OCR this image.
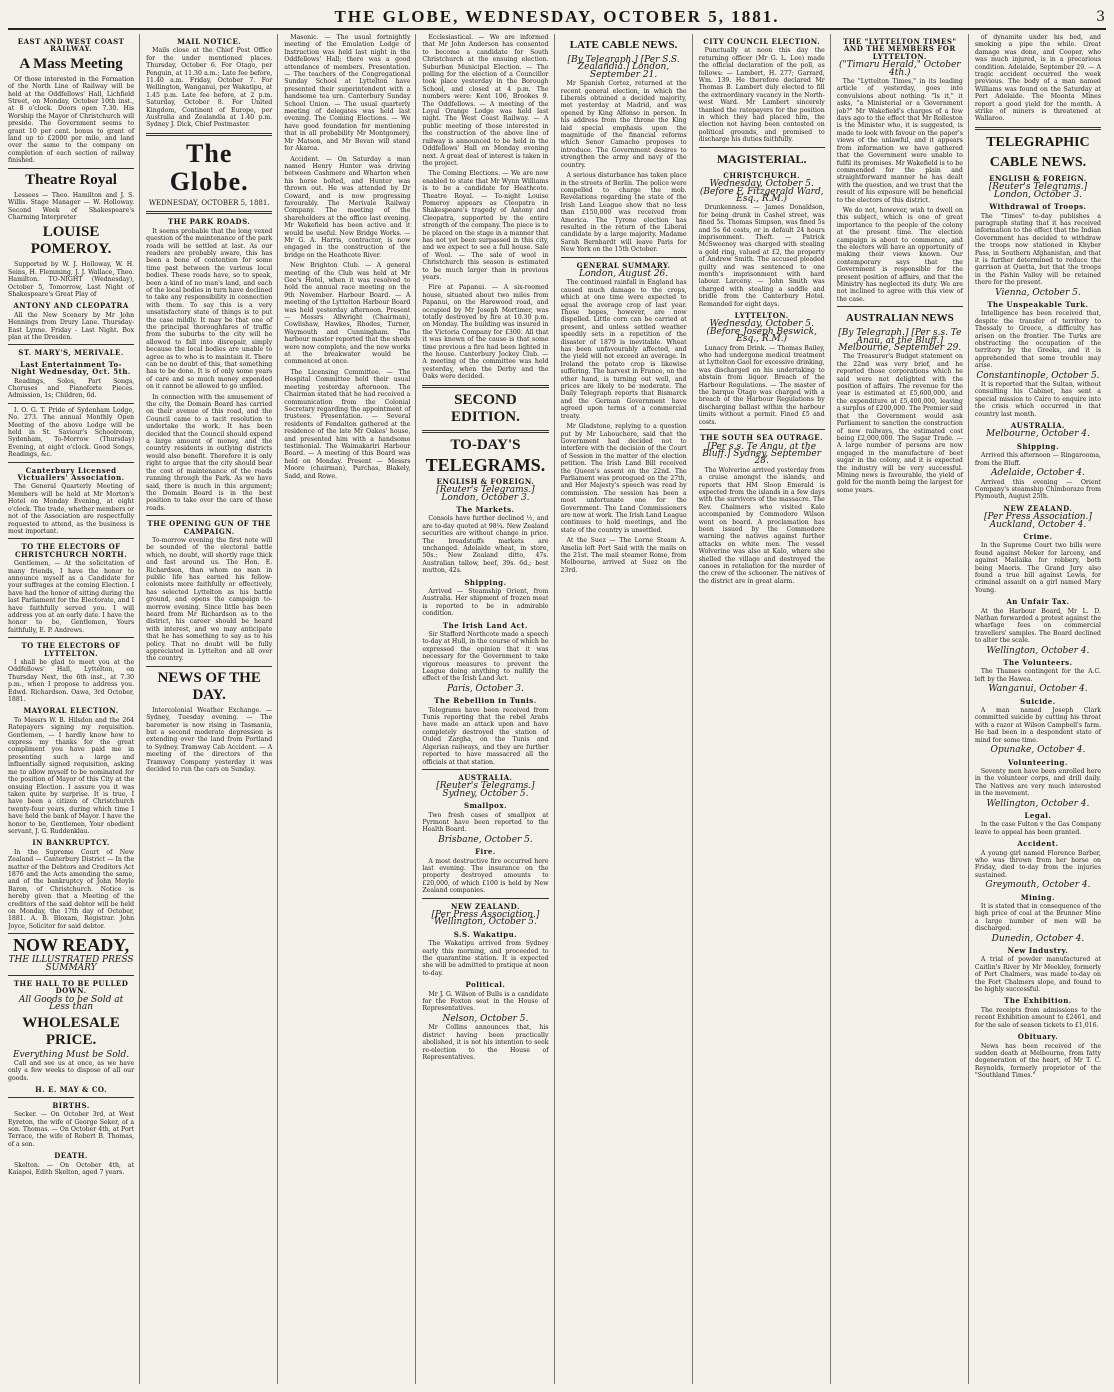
THE GLOBE, WEDNESDAY, OCTOBER 5, 1881.	3
EAST AND WEST COAST RAILWAY.
A Mass Meeting

Of those interested in the Formation of the North Line of Railway will be held at the Oddfellows' Hall, Lichfield Street, on Monday, October 10th inst., at 8 o'clock. Doors open 7.30. His Worship the Mayor of Christchurch will preside. The Government seems to grant 10 per cent. bonus to grant of land up to £2000 per mile, and land over the same to the company on completion of each section of railway finished.

Theatre Royal

Lessees — Theo. Hamilton and J. S. Willis. Stage Manager — W. Holloway. Second Week of Shakespeare's Charming Interpreter

LOUISE POMEROY.

Supported by W. J. Holloway, W. H. Seins, H. Flemming, J. J. Wallace, Theo. Hamilton. TO-NIGHT (Wednesday), October 5, Tomorrow, Last Night of Shakespeare's Great Play of

ANTONY AND CLEOPATRA

All the New Scenery by Mr John Hennings from Drury Lane. Thursday-East Lynne. Friday - Last Night. Box plan at the Dresden.

ST. MARY'S, MERIVALE.
Last Entertainment To-Night Wednesday, Oct. 5th.

Readings, Solos, Part Songs, Choruses and Pianoforte Pieces. Admission, 1s; Children, 6d.

I. O. G. T. Pride of Sydenham Lodge, No. 273. The annual Monthly Open Meeting of the above Lodge will be held in St. Saviour's Schoolroom, Sydenham, To-Morrow (Thursday) Evening, at eight o'clock. Good Songs, Readings, &c.

Canterbury Licensed Victuallers' Association.

The General Quarterly Meeting of Members will be held at Mr Morton's Hotel on Monday Evening, at eight o'clock. The trade, whether members or not of the Association are respectfully requested to attend, as the business is most important.

TO THE ELECTORS OF CHRISTCHURCH NORTH.

Gentlemen, — At the solicitation of many friends, I have the honor to announce myself as a Candidate for your suffrages at the coming Election. I have had the honor of sitting during the last Parliament for the Electorate, and I have faithfully served you. I will address you at an early date. I have the honor to be, Gentlemen, Yours faithfully, E. P. Andrews.

TO THE ELECTORS OF LYTTELTON.

I shall be glad to meet you at the Oddfellows' Hall, Lyttelton, on Thursday Next, the 6th inst., at 7.30 p.m., when I propose to address you. Edwd. Richardson. Oawa, 3rd October, 1881.

MAYORAL ELECTION.

To Messrs W. B. Hilsdon and the 264 Ratepayers signing my requisition. Gentlemen, — I hardly know how to express my thanks for the great compliment you have paid me in presenting such a large and influentially signed requisition, asking me to allow myself to be nominated for the position of Mayor of this City at the ensuing Election. I assure you it was taken quite by surprise. It is true, I have been a citizen of Christchurch twenty-four years, during which time I have held the bank of Mayor. I have the honor to be, Gentlemen, Your obedient servant, J. G. Ruddenklau.

IN BANKRUPTCY.

In the Supreme Court of New Zealand — Canterbury District — In the matter of the Debtors and Creditors Act 1876 and the Acts amending the same, and of the bankruptcy of John Moyle Baron, of Christchurch. Notice is hereby given that a Meeting of the creditors of the said debtor will be held on Monday, the 17th day of October, 1881. A. B. Bloxam, Registrar. John Joyce, Solicitor for said debtor.

NOW READY,
THE ILLUSTRATED PRESS SUMMARY
THE HALL TO BE PULLED DOWN.
All Goods to be Sold at Less than
WHOLESALE PRICE.
Everything Must be Sold.

Call and see us at once, as we have only a few weeks to dispose of all our goods.

H. E. MAY & CO.
BIRTHS.

Secker. — On October 3rd, at West Eyreton, the wife of George Seker, of a son. Thomas. — On October 4th, at Port Terrace, the wife of Robert B. Thomas, of a son.

DEATH.

Skelton. — On October 4th, at Kaiapoi, Edith Skelton, aged 7 years.

MAIL NOTICE.

Mails close at the Chief Post Office for the under mentioned places. Thursday, October 6. For Otago, per Penguin, at 11.30 a.m.; Late fee before, 11.40 a.m. Friday, October 7. For Wellington, Wanganui, per Wakatipu, at 1.45 p.m. Late fee before, at 2 p.m. Saturday, October 8. For United Kingdom, Continent of Europe, per Australia and Zealandia at 1.40 p.m. Sydney J. Dick, Chief Postmaster.

The Globe.
WEDNESDAY, OCTOBER 5, 1881.
THE PARK ROADS.

It seems probable that the long vexed question of the maintenance of the park roads will be settled at last. As our readers are probably aware, this has been a bone of contention for some time past between the various local bodies. These roads have, so to speak, been a kind of no man's land, and each of the local bodies in turn have declined to take any responsibility in connection with them. To say this is a very unsatisfactory state of things is to put the case mildly. It may be that one of the principal thoroughfares of traffic from the suburbs to the city will be allowed to fall into disrepair, simply because the local bodies are unable to agree as to who is to maintain it. There can be no doubt of this, that something has to be done. It is of only some years of care and so much money expended on it cannot be allowed to go unfiled.

In connection with the amusement of the city, the Domain Board has carried on their avenue of this road, and the Council came to a tacit resolution to undertake the work. It has been decided that the Council should expend a large amount of money, and the country residents in outlying districts would also benefit. Therefore it is only right to argue that the city should bear the cost of maintenance of the roads running through the Park. As we have said, there is much in this argument; the Domain Board is in the best position to take over the care of those roads.

THE OPENING GUN OF THE CAMPAIGN.

To-morrow evening the first note will be sounded of the electoral battle which, no doubt, will shortly rage thick and fast around us. The Hon. E. Richardson, than whom no man in public life has earned his fellow-colonists more faithfully or effectively, has selected Lyttelton as his battle ground, and opens the campaign to-morrow evening. Since little has been heard from Mr Richardson as to the district, his career should be heard with interest, and we may anticipate that he has something to say as to his policy. That no doubt will be fully appreciated in Lyttelton and all over the country.

NEWS OF THE DAY.

Intercolonial Weather Exchange. — Sydney, Tuesday evening. — The barometer is now rising in Tasmania, but a second moderate depression is extending over the land from Portland to Sydney. Tramway Cab Accident. — A meeting of the directors of the Tramway Company yesterday it was decided to run the cars on Sunday.

Masonic. — The usual fortnightly meeting of the Emulation Lodge of Instruction was held last night in the Oddfellows' Hall; there was a good attendance of members. Presentation. — The teachers of the Congregational Sunday School at Lyttelton have presented their superintendent with a handsome tea urn. Canterbury Sunday School Union. — The usual quarterly meeting of delegates was held last evening. The Coming Elections. — We have good foundation for mentioning that in all probability Mr Montgomery, Mr Matson, and Mr Bevan will stand for Akaroa.

Accident. — On Saturday a man named Henry Hunter was driving between Cashmere and Wharton when his horse bolted, and Hunter was thrown out. He was attended by Dr Coward, and is now progressing favourably. The Merivale Railway Company. The meeting of the shareholders at the office last evening. Mr Wakefield has been active and it would be useful. New Bridge Works. — Mr G. A. Harris, contractor, is now engaged in the construction of the bridge on the Heathcote River.

New Brighton Club. — A general meeting of the Club was held at Mr Gee's Hotel, when it was resolved to hold the annual race meeting on the 9th November. Harbour Board. — A meeting of the Lyttelton Harbour Board was held yesterday afternoon. Present — Messrs Allwright (Chairman), Cowlishaw, Hawkes, Rhodes, Turner, Waymouth and Cunningham. The harbour master reported that the sheds were now complete, and the new works at the breakwater would be commenced at once.

The Licensing Committee. — The Hospital Committee held their usual meeting yesterday afternoon. The Chairman stated that he had received a communication from the Colonial Secretary regarding the appointment of trustees. Presentation. — Several residents of Fendalton gathered at the residence of the late Mr Oakes' house, and presented him with a handsome testimonial. The Waimakariri Harbour Board. — A meeting of this Board was held on Monday. Present — Messrs Moore (chairman), Purchas, Blakely, Sadd, and Rowe.

Ecclesiastical. — We are informed that Mr John Anderson has consented to become a candidate for South Christchurch at the ensuing election. Suburban Municipal Election. — The polling for the election of a Councillor took place yesterday in the Borough School, and closed at 4 p.m. The numbers were: Kent 106, Brookes 9. The Oddfellows. — A meeting of the Loyal Orange Lodge was held last night. The West Coast Railway. — A public meeting of those interested in the construction of the above line of railway is announced to be held in the Oddfellows' Hall on Monday evening next. A great deal of interest is taken in the project.

The Coming Elections. — We are now enabled to state that Mr Wynn Williams is to be a candidate for Heathcote. Theatre Royal. — To-night Louise Pomeroy appears as Cleopatra in Shakespeare's tragedy of Antony and Cleopatra, supported by the entire strength of the company. The piece is to be placed on the stage in a manner that has not yet been surpassed in this city, and we expect to see a full house. Sale of Wool. — The sale of wool in Christchurch this season is estimated to be much larger than in previous years.

Fire at Papanui. — A six-roomed house, situated about two miles from Papanui, on the Harewood road, and occupied by Mr Joseph Mortimer, was totally destroyed by fire at 10.30 p.m. on Monday. The building was insured in the Victoria Company for £300. All that it was known of the cause is that some time previous a fire had been lighted in the house. Canterbury Jockey Club. — A meeting of the committee was held yesterday, when the Derby and the Oaks were decided.

SECOND EDITION.
TO-DAY'S
TELEGRAMS.
ENGLISH & FOREIGN.
[Reuter's Telegrams.] London, October 3.
The Markets.

Consols have further declined ½, and are to-day quoted at 98¼. New Zealand securities are without change in price. The breadstuffs markets are unchanged. Adelaide wheat, in store, 50s.; New Zealand ditto, 47s. Australian tallow, beef, 39s. 6d.; best mutton, 42s.

Shipping.

Arrived — Steamship Orient, from Australia. Her shipment of frozen meat is reported to be in admirable condition.

The Irish Land Act.

Sir Stafford Northcote made a speech to-day at Hull, in the course of which he expressed the opinion that it was necessary for the Government to take vigorous measures to prevent the League doing anything to nullify the effect of the Irish Land Act.

Paris, October 3.
The Rebellion in Tunis.

Telegrams have been received from Tunis reporting that the rebel Arabs have made an attack upon and have completely destroyed the station of Ouled Zargha, on the Tunis and Algerian railways, and they are further reported to have massacred all the officials at that station.

AUSTRALIA.
[Reuter's Telegrams.] Sydney, October 5.
Smallpox.

Two fresh cases of smallpox at Pyrmont have been reported to the Health Board.

Brisbane, October 5.
Fire.

A most destructive fire occurred here last evening. The insurance on the property destroyed amounts to £20,000, of which £100 is held by New Zealand companies.

NEW ZEALAND.
[Per Press Association.] Wellington, October 5.
S.S. Wakatipu.

The Wakatipu arrived from Sydney early this morning, and proceeded to the quarantine station. It is expected she will be admitted to pratique at noon to-day.

Political.

Mr J. G. Wilson of Bulls is a candidate for the Foxton seat in the House of Representatives.

Nelson, October 5.

Mr Collins announces that, his district having been practically abolished, it is not his intention to seek re-election to the House of Representatives.

LATE CABLE NEWS.
[By Telegraph.] [Per S.S. Zealandia.] London, September 21.

Mr Spanish Cortez, returned at the recent general election, in which the Liberals obtained a decided majority, met yesterday at Madrid, and was opened by King Alfonso in person. In his address from the throne the King laid special emphasis upon the magnitude of the financial reforms which Senor Camacho proposes to introduce. The Government desires to strengthen the army and navy of the country.

A serious disturbance has taken place in the streets of Berlin. The police were compelled to charge the mob. Revelations regarding the state of the Irish Land League show that no less than £150,000 was received from America. The Tyrone election has resulted in the return of the Liberal candidate by a large majority. Madame Sarah Bernhardt will leave Paris for New York on the 15th October.

GENERAL SUMMARY.
London, August 26.

The continued rainfall in England has caused much damage to the crops, which at one time were expected to equal the average crop of last year. Those hopes, however, are now dispelled. Little corn can be carried at present, and unless settled weather speedily sets in a repetition of the disaster of 1879 is inevitable. Wheat has been unfavourably affected, and the yield will not exceed an average. In Ireland the potato crop is likewise suffering. The harvest in France, on the other hand, is turning out well, and prices are likely to be moderate. The Daily Telegraph reports that Bismarck and the German Government have agreed upon terms of a commercial treaty.

Mr Gladstone, replying to a question put by Mr Labouchere, said that the Government had decided not to interfere with the decision of the Court of Session in the matter of the election petition. The Irish Land Bill received the Queen's assent on the 22nd. The Parliament was prorogued on the 27th, and Her Majesty's speech was read by commission. The session has been a most unfortunate one for the Government. The Land Commissioners are now at work. The Irish Land League continues to hold meetings, and the state of the country is unsettled.

At the Suez — The Lorne Steam A. Amelia left Port Said with the mails on the 21st. The mail steamer Rome, from Melbourne, arrived at Suez on the 23rd.

CITY COUNCIL ELECTION.

Punctually at noon this day the returning officer (Mr G. L. Lee) made the official declaration of the poll, as follows: — Lambert, H. 277; Garrard, Wm. 139. He therefore declared Mr Thomas B. Lambert duly elected to fill the extraordinary vacancy in the North-west Ward. Mr Lambert sincerely thanked the ratepayers for the position in which they had placed him, the election not having been contested on political grounds, and promised to discharge his duties faithfully.

MAGISTERIAL.
CHRISTCHURCH.
Wednesday, October 5. (Before F. Fitzgerald Ward, Esq., R.M.)

Drunkenness. — James Donaldson, for being drunk in Cashel street, was fined 5s. Thomas Simpson, was fined 5s and 5s 6d costs, or in default 24 hours imprisonment. Theft. — Patrick McSweeney was charged with stealing a gold ring, valued at £2, the property of Andrew Smith. The accused pleaded guilty and was sentenced to one month's imprisonment with hard labour. Larceny. — John Smith was charged with stealing a saddle and bridle from the Canterbury Hotel. Remanded for eight days.

LYTTELTON.
Wednesday, October 5. (Before Joseph Beswick, Esq., R.M.)

Lunacy from Drink. — Thomas Bailey, who had undergone medical treatment at Lyttelton Gaol for excessive drinking, was discharged on his undertaking to abstain from liquor. Breach of the Harbour Regulations. — The master of the barque Otago was charged with a breach of the Harbour Regulations by discharging ballast within the harbour limits without a permit. Fined £5 and costs.

THE SOUTH SEA OUTRAGE.
[Per s.s. Te Anau, at the Bluff.] Sydney, September 28.

The Wolverine arrived yesterday from a cruise amongst the islands, and reports that HM Sloop Emerald is expected from the islands in a few days with the survivors of the massacre. The Rev. Chalmers who visited Kalo accompanied by Commodore Wilson went on board. A proclamation has been issued by the Commodore warning the natives against further attacks on white men. The vessel Wolverine was also at Kalo, where she shelled the village and destroyed the canoes in retaliation for the murder of the crew of the schooner. The natives of the district are in great alarm.

THE "LYTTELTON TIMES" AND THE MEMBERS FOR LYTTELTON.
("Timaru Herald," October 4th.)

The "Lyttelton Times," in its leading article of yesterday, goes into convulsions about nothing. "Is it," it asks, "a Ministerial or a Government job?" Mr Wakefield's charges of a few days ago to the effect that Mr Rolleston is the Minister who, it is suggested, is made to look with favour on the paper's views of the unlawful, and it appears from information we have gathered that the Government were unable to fulfil its promises. Mr Wakefield is to be commended for the plain and straightforward manner he has dealt with the question, and we trust that the result of his exposure will be beneficial to the electors of this district.

We do not, however, wish to dwell on this subject, which is one of great importance to the people of the colony at the present time. The election campaign is about to commence, and the electors will have an opportunity of making their views known. Our contemporary says that the Government is responsible for the present position of affairs, and that the Ministry has neglected its duty. We are not inclined to agree with this view of the case.

AUSTRALIAN NEWS
[By Telegraph.] [Per s.s. Te Anau, at the Bluff.] Melbourne, September 29.

The Treasurer's Budget statement on the 22nd was very brief, and he reported those corporations which he said were not delighted with the position of affairs. The revenue for the year is estimated at £5,600,000, and the expenditure at £5,400,000, leaving a surplus of £200,000. The Premier said that the Government would ask Parliament to sanction the construction of new railways, the estimated cost being £2,000,000. The Sugar Trade. — A large number of persons are now engaged in the manufacture of beet sugar in the colony, and it is expected the industry will be very successful. Mining news is favourable, the yield of gold for the month being the largest for some years.

of dynamite under his bed, and smoking a pipe the while. Great damage was done, and Cooper, who was much injured, is in a precarious condition. Adelaide, September 29. — A tragic accident occurred the week previous. The body of a man named Williams was found on the Saturday at Port Adelaide. The Moonta Mines report a good yield for the month. A strike of miners is threatened at Wallaroo.

TELEGRAPHIC
CABLE NEWS.
ENGLISH & FOREIGN.
[Reuter's Telegrams.] London, October 3.
Withdrawal of Troops.

The "Times" to-day publishes a paragraph stating that it has received information to the effect that the Indian Government has decided to withdraw the troops now stationed in Khyber Pass, in Southern Afghanistan, and that it is further determined to reduce the garrison at Quetta, but that the troops in the Pishin Valley will be retained there for the present.

Vienna, October 5.
The Unspeakable Turk.

Intelligence has been received that, despite the transfer of territory to Thessaly to Greece, a difficulty has arisen on the frontier. The Turks are obstructing the occupation of the territory by the Greeks, and it is apprehended that some trouble may arise.

Constantinople, October 5.

It is reported that the Sultan, without consulting his Cabinet, has sent a special mission to Cairo to enquire into the crisis which occurred in that country last month.

AUSTRALIA.
Melbourne, October 4.
Shipping.

Arrived this afternoon — Ringarooma, from the Bluff.

Adelaide, October 4.

Arrived this evening — Orient Company's steamship Chimborazo from Plymouth, August 25th.

NEW ZEALAND.
[Per Press Association.] Auckland, October 4.
Crime.

In the Supreme Court two bills were found against Meker for larceny, and against Mailaika for robbery, both being Maoris. The Grand Jury also found a true bill against Lewis, for criminal assault on a girl named Mary Young.

An Unfair Tax.

At the Harbour Board, Mr L. D. Nathan forwarded a protest against the wharfage fees on commercial travellers' samples. The Board declined to alter the scale.

Wellington, October 4.
The Volunteers.

The Thames contingent for the A.C. left by the Hawea.

Wanganui, October 4.
Suicide.

A man named Joseph Clark committed suicide by cutting his throat with a razor at Wilson Campbell's farm. He had been in a despondent state of mind for some time.

Opunake, October 4.
Volunteering.

Seventy men have been enrolled here in the volunteer corps, and drill daily. The Natives are very much interested in the movement.

Wellington, October 4.
Legal.

In the case Fulton v the Gas Company leave to appeal has been granted.

Accident.

A young girl named Florence Barber, who was thrown from her horse on Friday, died to-day from the injuries sustained.

Greymouth, October 4.
Mining.

It is stated that in consequence of the high price of coal at the Brunner Mine a large number of men will be discharged.

Dunedin, October 4.
New Industry.

A trial of powder manufactured at Caitlin's River by Mr Meekley, formerly of Port Chalmers, was made to-day on the Fort Chalmers slope, and found to be highly successful.

The Exhibition.

The receipts from admissions to the recent Exhibition amount to £2461, and for the sale of season tickets to £1,016.

Obituary.

News has been received of the sudden death at Melbourne, from fatty degeneration of the heart, of Mr T. C. Reynolds, formerly proprietor of the "Southland Times."
